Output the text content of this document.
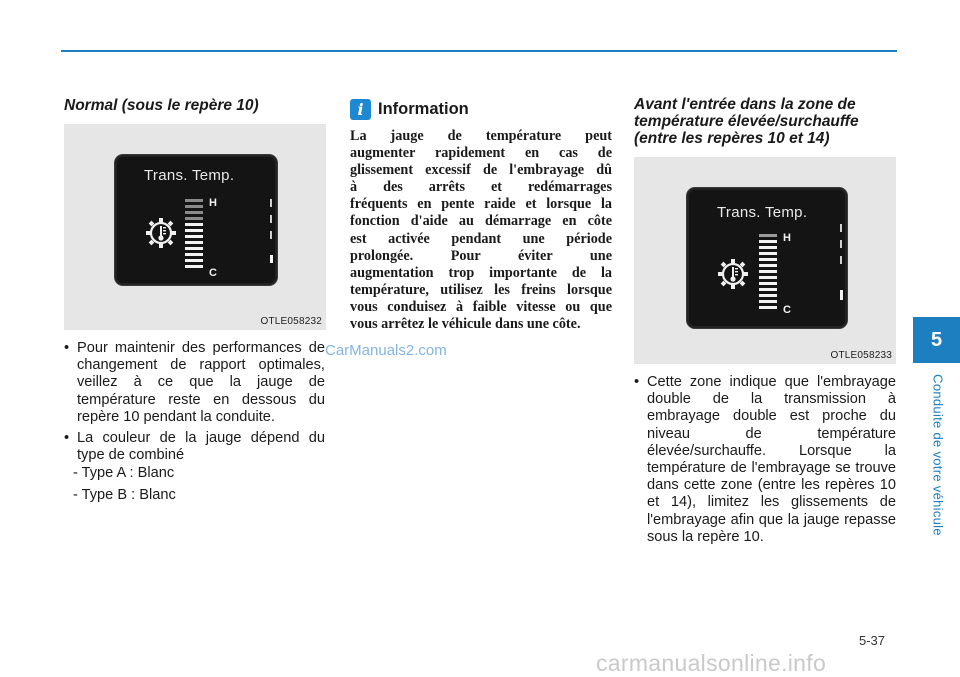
Normal (sous le repère 10)
Trans. Temp.
H
C
OTLE058232
• Pour maintenir des performances de changement de rapport optimales, veillez à ce que la jauge de température reste en dessous du repère 10 pendant la conduite.
• La couleur de la jauge dépend du type de combiné
- Type A : Blanc
- Type B : Blanc
i Information
La jauge de température peut
augmenter rapidement en cas de
glissement excessif de l'embrayage dû
à des arrêts et redémarrages
fréquents en pente raide et lorsque la
fonction d'aide au démarrage en côte
est activée pendant une période
prolongée. Pour éviter une
augmentation trop importante de la
température, utilisez les freins lorsque
vous conduisez à faible vitesse ou que
vous arrêtez le véhicule dans une côte.
CarManuals2.com
Avant l'entrée dans la zone de
température élevée/surchauffe
(entre les repères 10 et 14)
Trans. Temp.
H
C
OTLE058233
• Cette zone indique que l'embrayage double de la transmission à embrayage double est proche du niveau de température élevée/surchauffe. Lorsque la température de l'embrayage se trouve dans cette zone (entre les repères 10 et 14), limitez les glissements de l'embrayage afin que la jauge repasse sous la repère 10.
5
Conduite de votre véhicule
5-37
carmanualsonline.info
